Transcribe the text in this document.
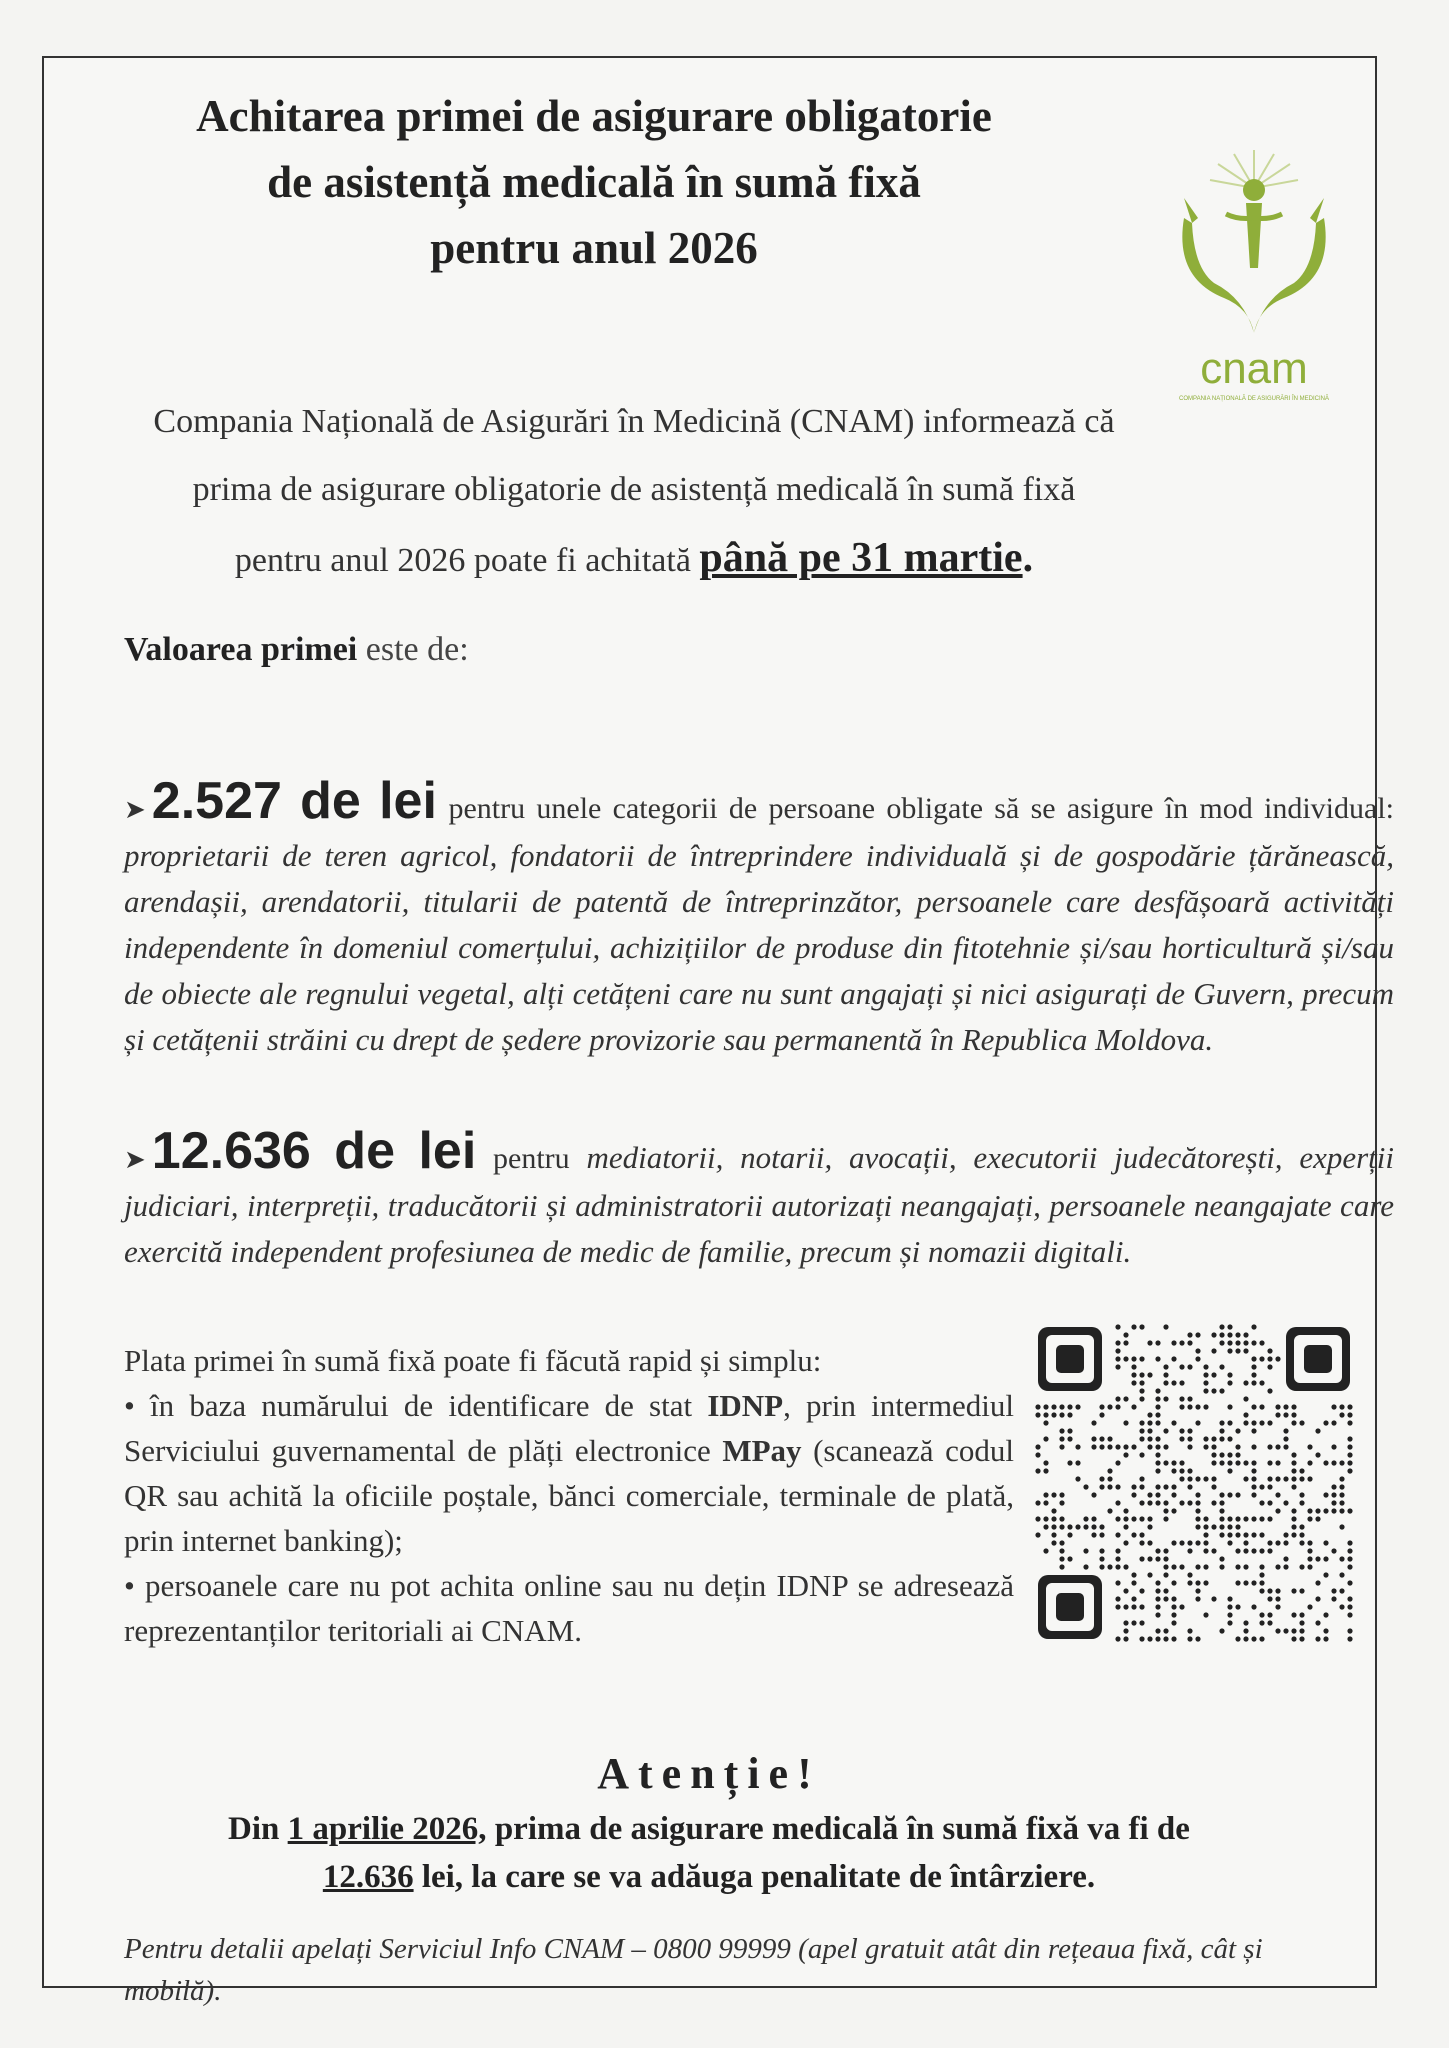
Achitarea primei de asigurare obligatorie
de asistență medicală în sumă fixă
pentru anul 2026
cnam
COMPANIA NAȚIONALĂ DE ASIGURĂRI ÎN MEDICINĂ
Compania Națională de Asigurări în Medicină (CNAM) informează că
prima de asigurare obligatorie de asistență medicală în sumă fixă
pentru anul 2026 poate fi achitată până pe 31 martie.
Valoarea primei este de:
➤ 2.527 de lei pentru unele categorii de persoane obligate să se asigure în mod individual: proprietarii de teren agricol, fondatorii de întreprindere individuală și de gospodărie țărănească, arendașii, arendatorii, titularii de patentă de întreprinzător, persoanele care desfășoară activități independente în domeniul comerțului, achizițiilor de produse din fitotehnie și/sau horticultură și/sau de obiecte ale regnului vegetal, alți cetățeni care nu sunt angajați și nici asigurați de Guvern, precum și cetățenii străini cu drept de ședere provizorie sau permanentă în Republica Moldova.
➤ 12.636 de lei pentru mediatorii, notarii, avocații, executorii judecătorești, experții judiciari, interpreții, traducătorii și administratorii autorizați neangajați, persoanele neangajate care exercită independent profesiunea de medic de familie, precum și nomazii digitali.
Plata primei în sumă fixă poate fi făcută rapid și simplu:
• în baza numărului de identificare de stat IDNP, prin intermediul Serviciului guvernamental de plăți electronice MPay (scanează codul QR sau achită la oficiile poștale, bănci comerciale, terminale de plată, prin internet banking);
• persoanele care nu pot achita online sau nu dețin IDNP se adresează reprezentanților teritoriali ai CNAM.
Atenție!
Din 1 aprilie 2026, prima de asigurare medicală în sumă fixă va fi de
12.636 lei, la care se va adăuga penalitate de întârziere.
Pentru detalii apelați Serviciul Info CNAM – 0800 99999 (apel gratuit atât din rețeaua fixă, cât și mobilă).
